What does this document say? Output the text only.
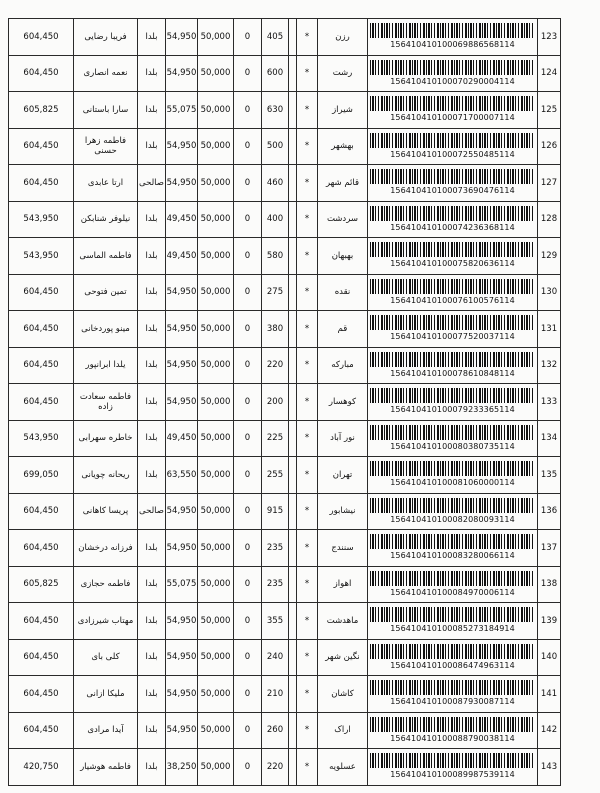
123	156410410100069886568114	رزن	*		405	0	50,000	54,950	بلدا	فریبا رضایی	604,450
124	156410410100070290004114	رشت	*		600	0	50,000	54,950	بلدا	نعمه انصاری	604,450
125	156410410100071700007114	شیراز	*		630	0	50,000	55,075	بلدا	سارا باستانی	605,825
126	156410410100072550485114	بهشهر	*		500	0	50,000	54,950	بلدا	فاطمه زهرا حسنی	604,450
127	156410410100073690476114	قائم شهر	*		460	0	50,000	54,950	صالحی	ارتا عابدی	604,450
128	156410410100074236368114	سردشت	*		400	0	50,000	49,450	بلدا	نیلوفر شنابکن	543,950
129	156410410100075820636114	بهبهان	*		580	0	50,000	49,450	بلدا	فاطمه الماسی	543,950
130	156410410100076100576114	نقده	*		275	0	50,000	54,950	بلدا	تمین فتوحی	604,450
131	156410410100077520037114	قم	*		380	0	50,000	54,950	بلدا	مینو پوردخانی	604,450
132	156410410100078610848114	مبارکه	*		220	0	50,000	54,950	بلدا	یلدا ابرانپور	604,450
133	156410410100079233365114	کوهسار	*		200	0	50,000	54,950	بلدا	فاطمه سعادت زاده	604,450
134	156410410100080380735114	نور آباد	*		225	0	50,000	49,450	بلدا	خاطره سهرابی	543,950
135	156410410100081060000114	تهران	*		255	0	50,000	63,550	بلدا	ریحانه چویانی	699,050
136	156410410100082080093114	نیشابور	*		915	0	50,000	54,950	صالحی	پریسا کاهانی	604,450
137	156410410100083280066114	سنندج	*		235	0	50,000	54,950	بلدا	فرزانه درخشان	604,450
138	156410410100084970006114	اهواز	*		235	0	50,000	55,075	بلدا	فاطمه حجازی	605,825
139	156410410100085273184914	ماهدشت	*		355	0	50,000	54,950	بلدا	مهتاب شیرزادی	604,450
140	156410410100086474963114	نگین شهر	*		240	0	50,000	54,950	بلدا	کلی بای	604,450
141	156410410100087930087114	کاشان	*		210	0	50,000	54,950	بلدا	ملیکا ازانی	604,450
142	156410410100088790038114	اراک	*		260	0	50,000	54,950	بلدا	آیدا مرادی	604,450
143	156410410100089987539114	عسلویه	*		220	0	50,000	38,250	بلدا	فاطمه هوشیار	420,750
